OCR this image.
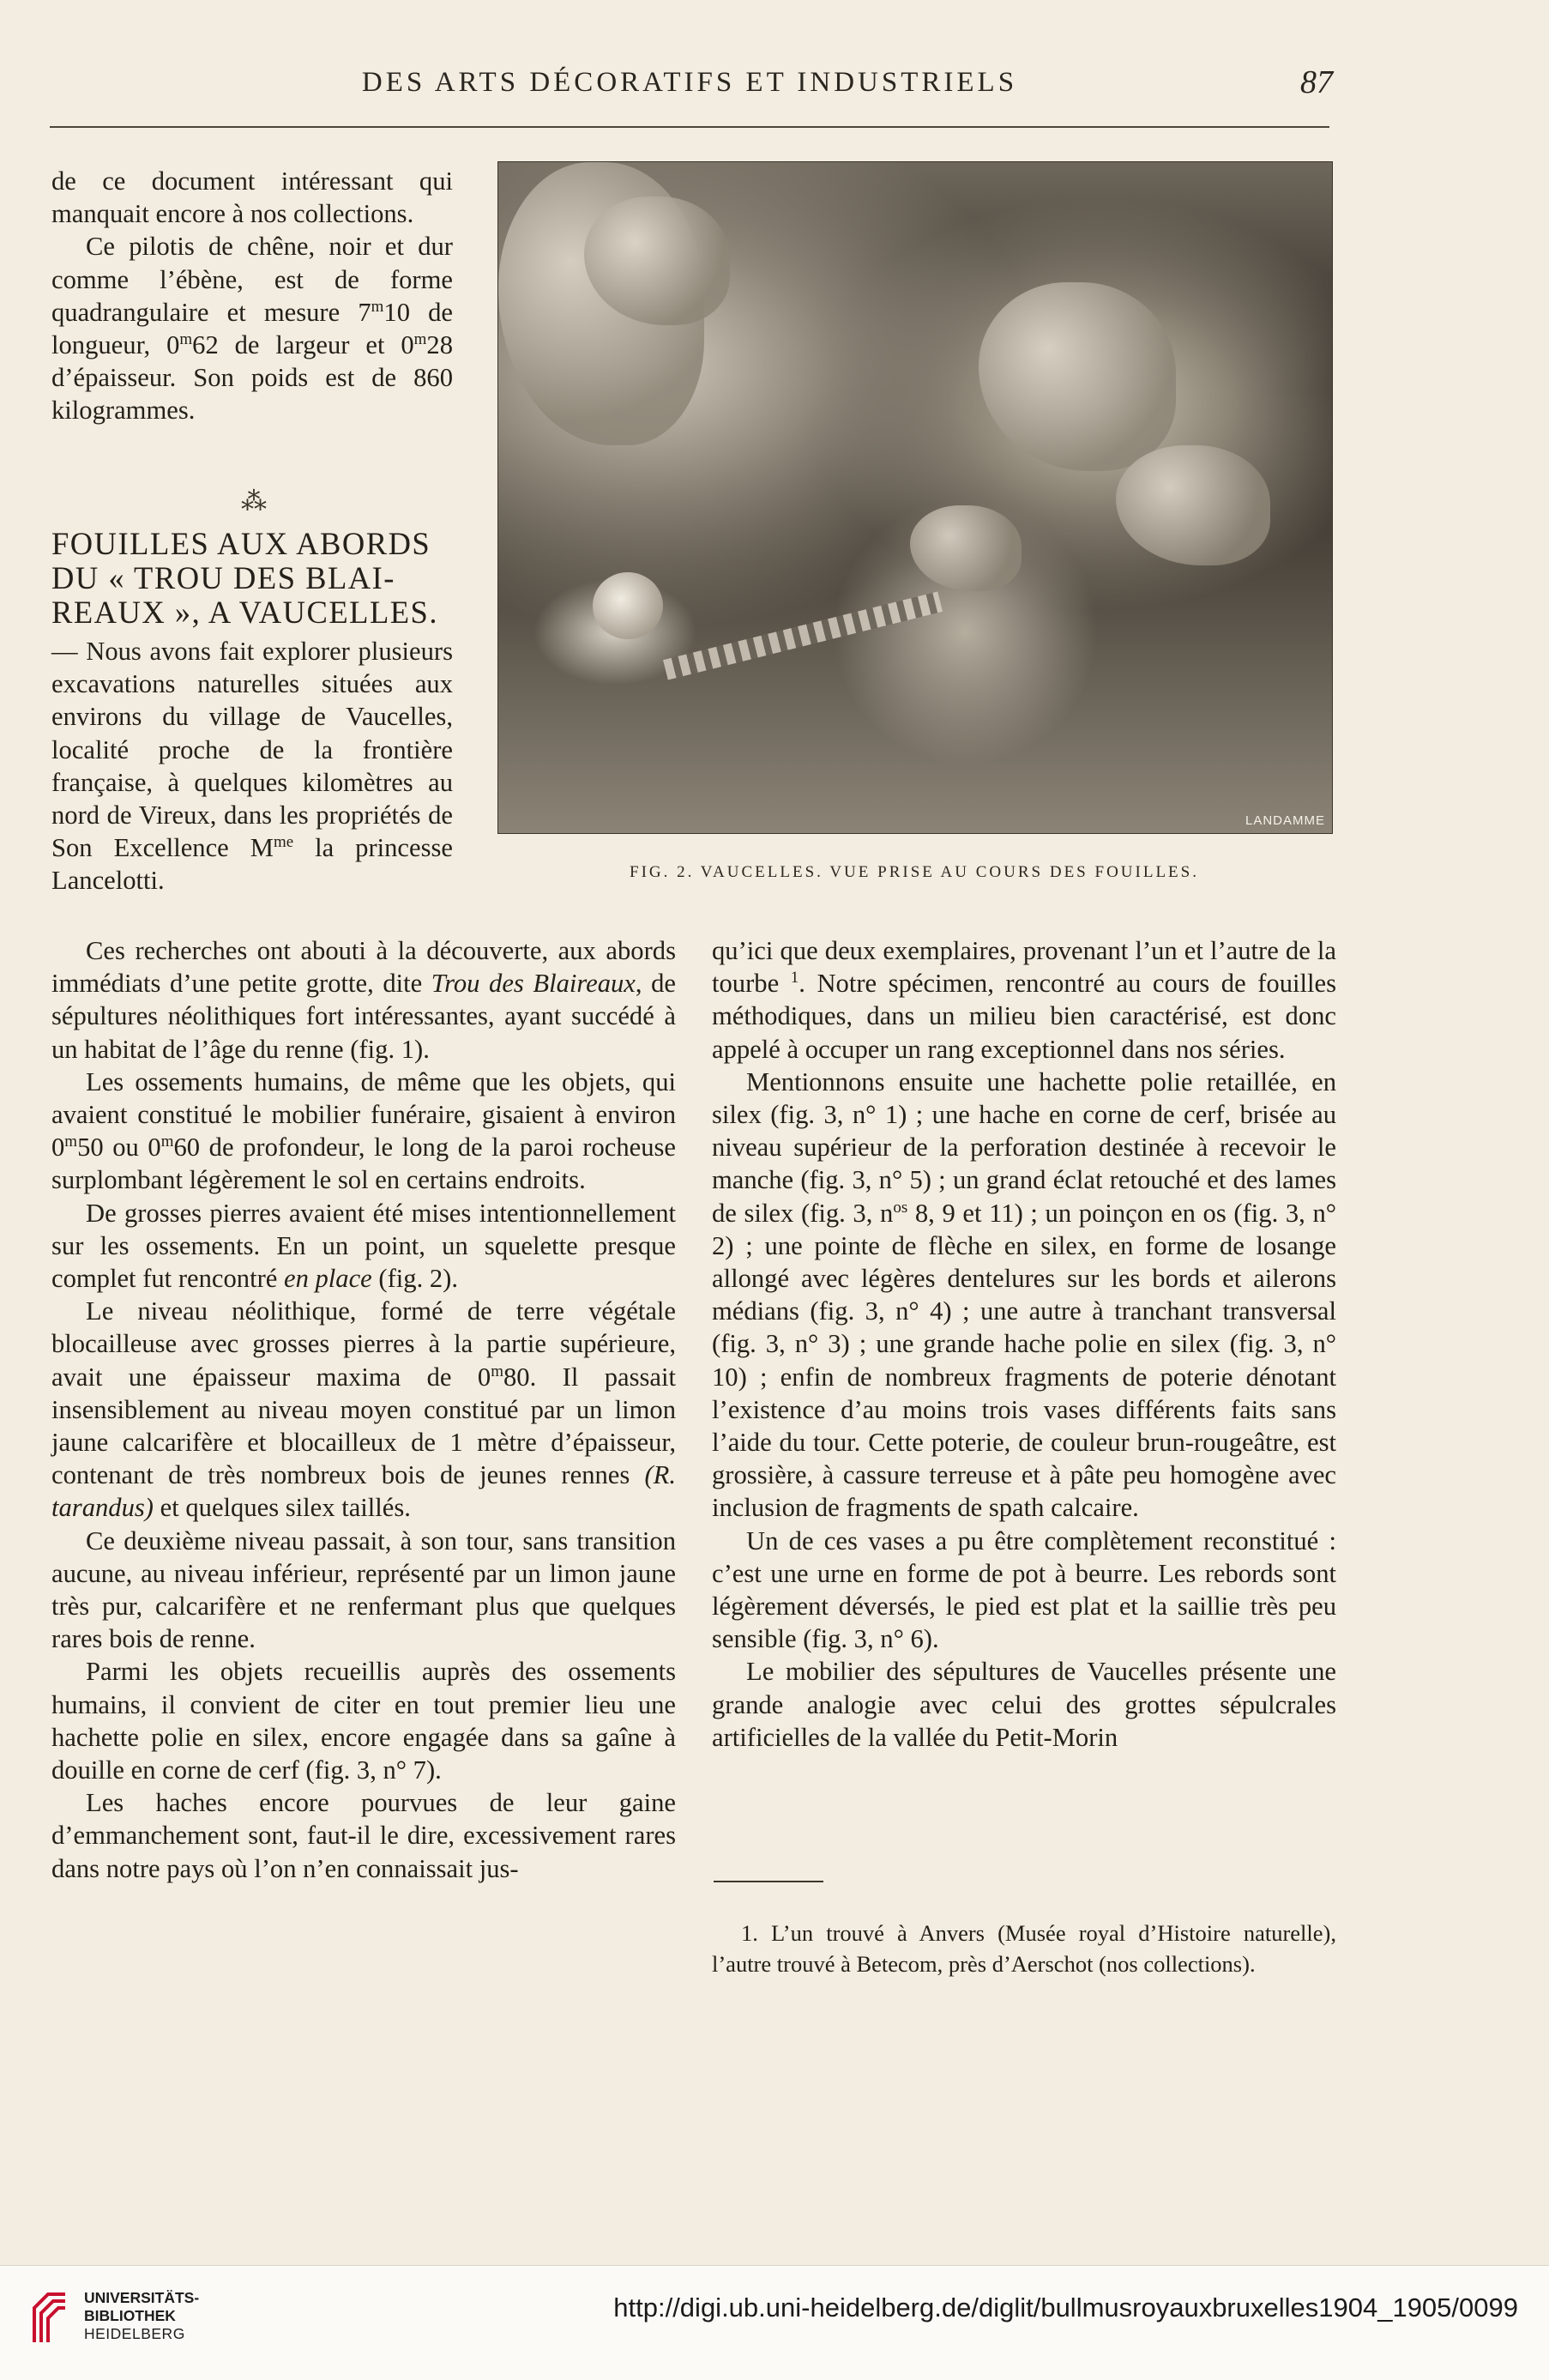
DES ARTS DÉCORATIFS ET INDUSTRIELS	87

de ce document intéressant qui manquait encore à nos collections.

Ce pilotis de chêne, noir et dur comme l’ébène, est de forme quadrangulaire et mesure 7$^m$10 de longueur, 0$^m$62 de largeur et 0$^m$28 d’épaisseur. Son poids est de 860 kilogrammes.

⁂
FOUILLES AUX ABORDS
DU « TROU DES BLAI-
REAUX », A VAUCELLES.

— Nous avons fait explorer plusieurs excavations naturelles situées aux environs du village de Vaucelles, localité proche de la frontière française, à quelques kilomètres au nord de Vireux, dans les propriétés de Son Excellence $M^{me}$ la princesse Lancelotti.

LANDAMME
FIG. 2. VAUCELLES. VUE PRISE AU COURS DES FOUILLES.

Ces recherches ont abouti à la découverte, aux abords immédiats d’une petite grotte, dite Trou des Blaireaux, de sépultures néolithiques fort intéressantes, ayant succédé à un habitat de l’âge du renne (fig. 1).

Les ossements humains, de même que les objets, qui avaient constitué le mobilier funéraire, gisaient à environ 0$^m$50 ou 0$^m$60 de profondeur, le long de la paroi rocheuse surplombant légèrement le sol en certains endroits.

De grosses pierres avaient été mises intentionnellement sur les ossements. En un point, un squelette presque complet fut rencontré en place (fig. 2).

Le niveau néolithique, formé de terre végétale blocailleuse avec grosses pierres à la partie supérieure, avait une épaisseur maxima de 0$^m$80. Il passait insensiblement au niveau moyen constitué par un limon jaune calcarifère et blocailleux de 1 mètre d’épaisseur, contenant de très nombreux bois de jeunes rennes (R. tarandus) et quelques silex taillés.

Ce deuxième niveau passait, à son tour, sans transition aucune, au niveau inférieur, représenté par un limon jaune très pur, calcarifère et ne renfermant plus que quelques rares bois de renne.

Parmi les objets recueillis auprès des ossements humains, il convient de citer en tout premier lieu une hachette polie en silex, encore engagée dans sa gaîne à douille en corne de cerf (fig. 3, n° 7).

Les haches encore pourvues de leur gaine d’emmanchement sont, faut-il le dire, excessivement rares dans notre pays où l’on n’en connaissait jus-

qu’ici que deux exemplaires, provenant l’un et l’autre de la tourbe $^1$. Notre spécimen, rencontré au cours de fouilles méthodiques, dans un milieu bien caractérisé, est donc appelé à occuper un rang exceptionnel dans nos séries.

Mentionnons ensuite une hachette polie retaillée, en silex (fig. 3, n° 1) ; une hache en corne de cerf, brisée au niveau supérieur de la perforation destinée à recevoir le manche (fig. 3, n° 5) ; un grand éclat retouché et des lames de silex (fig. 3, $n^{os}$ 8, 9 et 11) ; un poinçon en os (fig. 3, n° 2) ; une pointe de flèche en silex, en forme de losange allongé avec légères dentelures sur les bords et ailerons médians (fig. 3, n° 4) ; une autre à tranchant transversal (fig. 3, n° 3) ; une grande hache polie en silex (fig. 3, n° 10) ; enfin de nombreux fragments de poterie dénotant l’existence d’au moins trois vases différents faits sans l’aide du tour. Cette poterie, de couleur brun-rougeâtre, est grossière, à cassure terreuse et à pâte peu homogène avec inclusion de fragments de spath calcaire.

Un de ces vases a pu être complètement reconstitué : c’est une urne en forme de pot à beurre. Les rebords sont légèrement déversés, le pied est plat et la saillie très peu sensible (fig. 3, n° 6).

Le mobilier des sépultures de Vaucelles présente une grande analogie avec celui des grottes sépulcrales artificielles de la vallée du Petit-Morin

1. L’un trouvé à Anvers (Musée royal d’Histoire naturelle), l’autre trouvé à Betecom, près d’Aerschot (nos collections).

UNIVERSITÄTS-
BIBLIOTHEK
HEIDELBERG
http://digi.ub.uni-heidelberg.de/diglit/bullmusroyauxbruxelles1904_1905/0099
